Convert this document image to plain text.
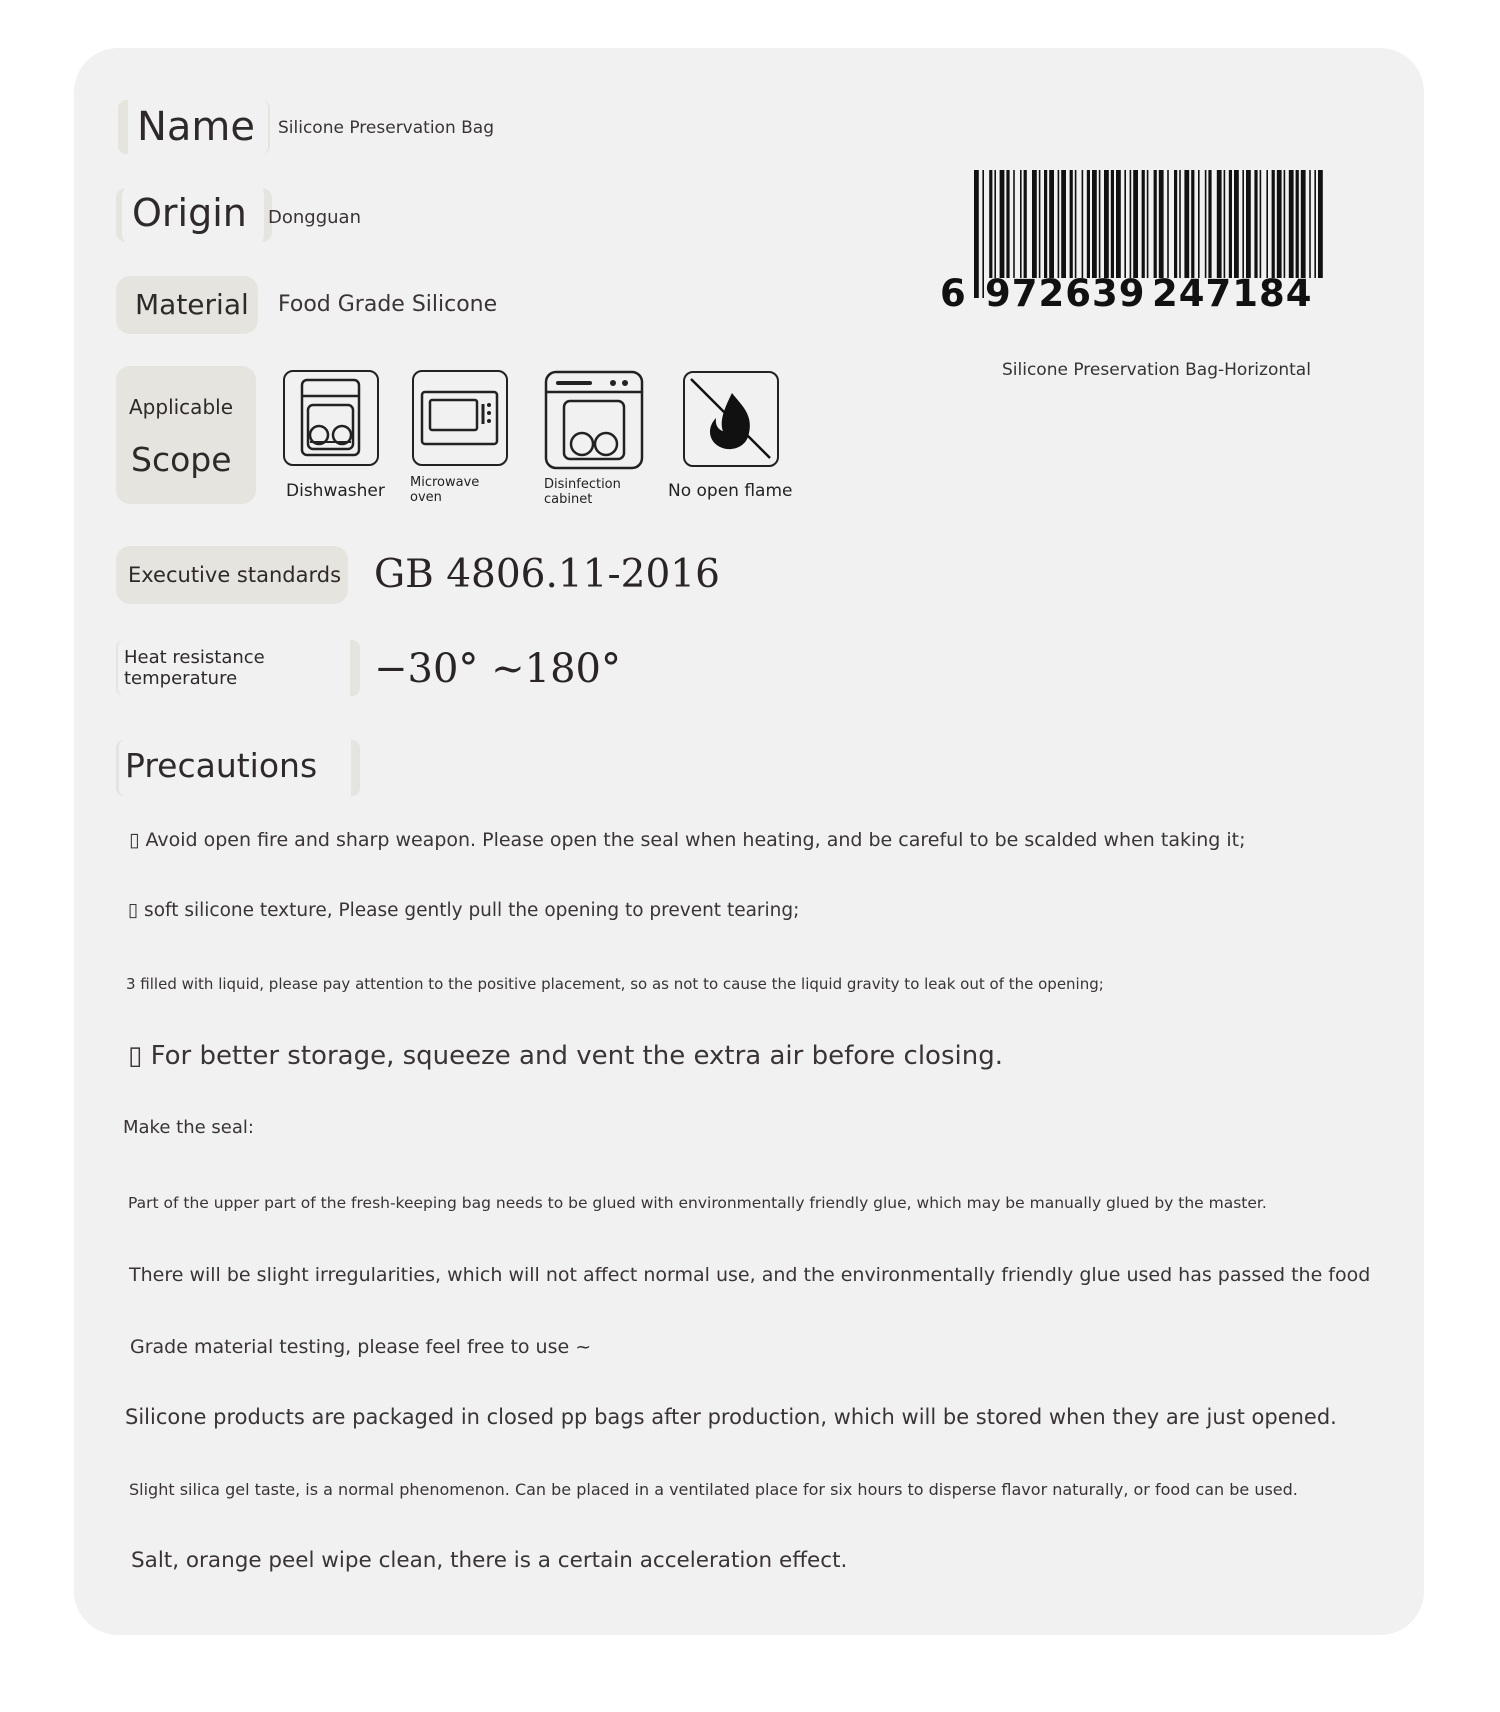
Name Silicone Preservation Bag
Origin Dongguan
Material Food Grade Silicone
Applicable
Scope
Dishwasher Microwave
oven
Disinfection
cabinet	No open flame
6 972639 247184
Silicone Preservation Bag-Horizontal
Executive standards GB 4806.11-2016
Heat resistance
temperature	−30° ~180°
Precautions
▯ Avoid open fire and sharp weapon. Please open the seal when heating, and be careful to be scalded when taking it;
▯ soft silicone texture, Please gently pull the opening to prevent tearing;
3 filled with liquid, please pay attention to the positive placement, so as not to cause the liquid gravity to leak out of the opening;
▯ For better storage, squeeze and vent the extra air before closing.
Make the seal:
Part of the upper part of the fresh-keeping bag needs to be glued with environmentally friendly glue, which may be manually glued by the master.
There will be slight irregularities, which will not affect normal use, and the environmentally friendly glue used has passed the food
Grade material testing, please feel free to use ~
Silicone products are packaged in closed pp bags after production, which will be stored when they are just opened.
Slight silica gel taste, is a normal phenomenon. Can be placed in a ventilated place for six hours to disperse flavor naturally, or food can be used.
Salt, orange peel wipe clean, there is a certain acceleration effect.
